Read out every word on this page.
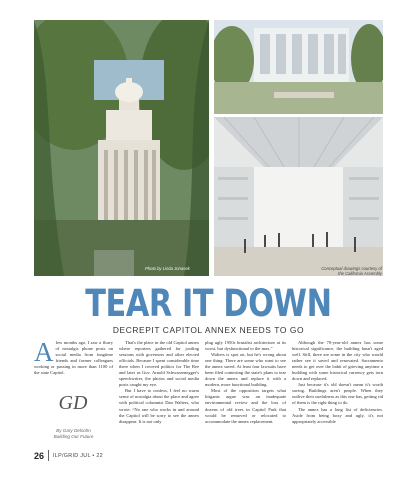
Photo by Linda Jonasek	Conceptual drawings courtesy of
the California Assembly
TEAR IT DOWN
DECREPIT CAPITOL ANNEX NEEDS TO GO
A few months ago, I saw a flurry of nostalgic phone posts on social media from longtime friends and former colleagues working or passing in more than 1100 of the state Capitol.

GD
By Gary Delsohn
Building Our Future

That's the place in the old Capitol annex where reporters gathered for jostling sessions with governors and other elected officials. Because I spent considerable time there when I covered politics for The Bee and later as Gov. Arnold Schwarzenegger's speechwriter, the photos and social media posts caught my eye.

But I have to confess, I feel no warm sense of nostalgia about the place and agree with political columnist Dan Walters, who wrote: “No one who works in and around the Capitol will be sorry to see the annex disappear. It is not only

plug ugly 1950s brutalist architecture at its worst, but dysfunctional to the max.”

Walters is spot on, but he's wrong about one thing: There are some who want to see the annex saved. At least four lawsuits have been filed contesting the state's plans to tear down the annex and replace it with a modern, more functional building.

Most of the opposition targets what litigants argue was an inadequate environmental review and the loss of dozens of old trees in Capitol Park that would be removed or relocated to accommodate the annex replacement.

Although the 70-year-old annex has some historical significance, the building hasn't aged well. Still, there are some in the city who would rather see it saved and renovated. Sacramento needs to get over the habit of grieving anytime a building with some historical currency gets torn down and replaced.

Just because it's old doesn't mean it's worth saving. Buildings aren't people. When they outlive their usefulness as this one has, getting rid of them is the right thing to do.

The annex has a long list of deficiencies. Aside from being boxy and ugly, it's not appropriately accessible

26 ILP/GRID JUL • 22
